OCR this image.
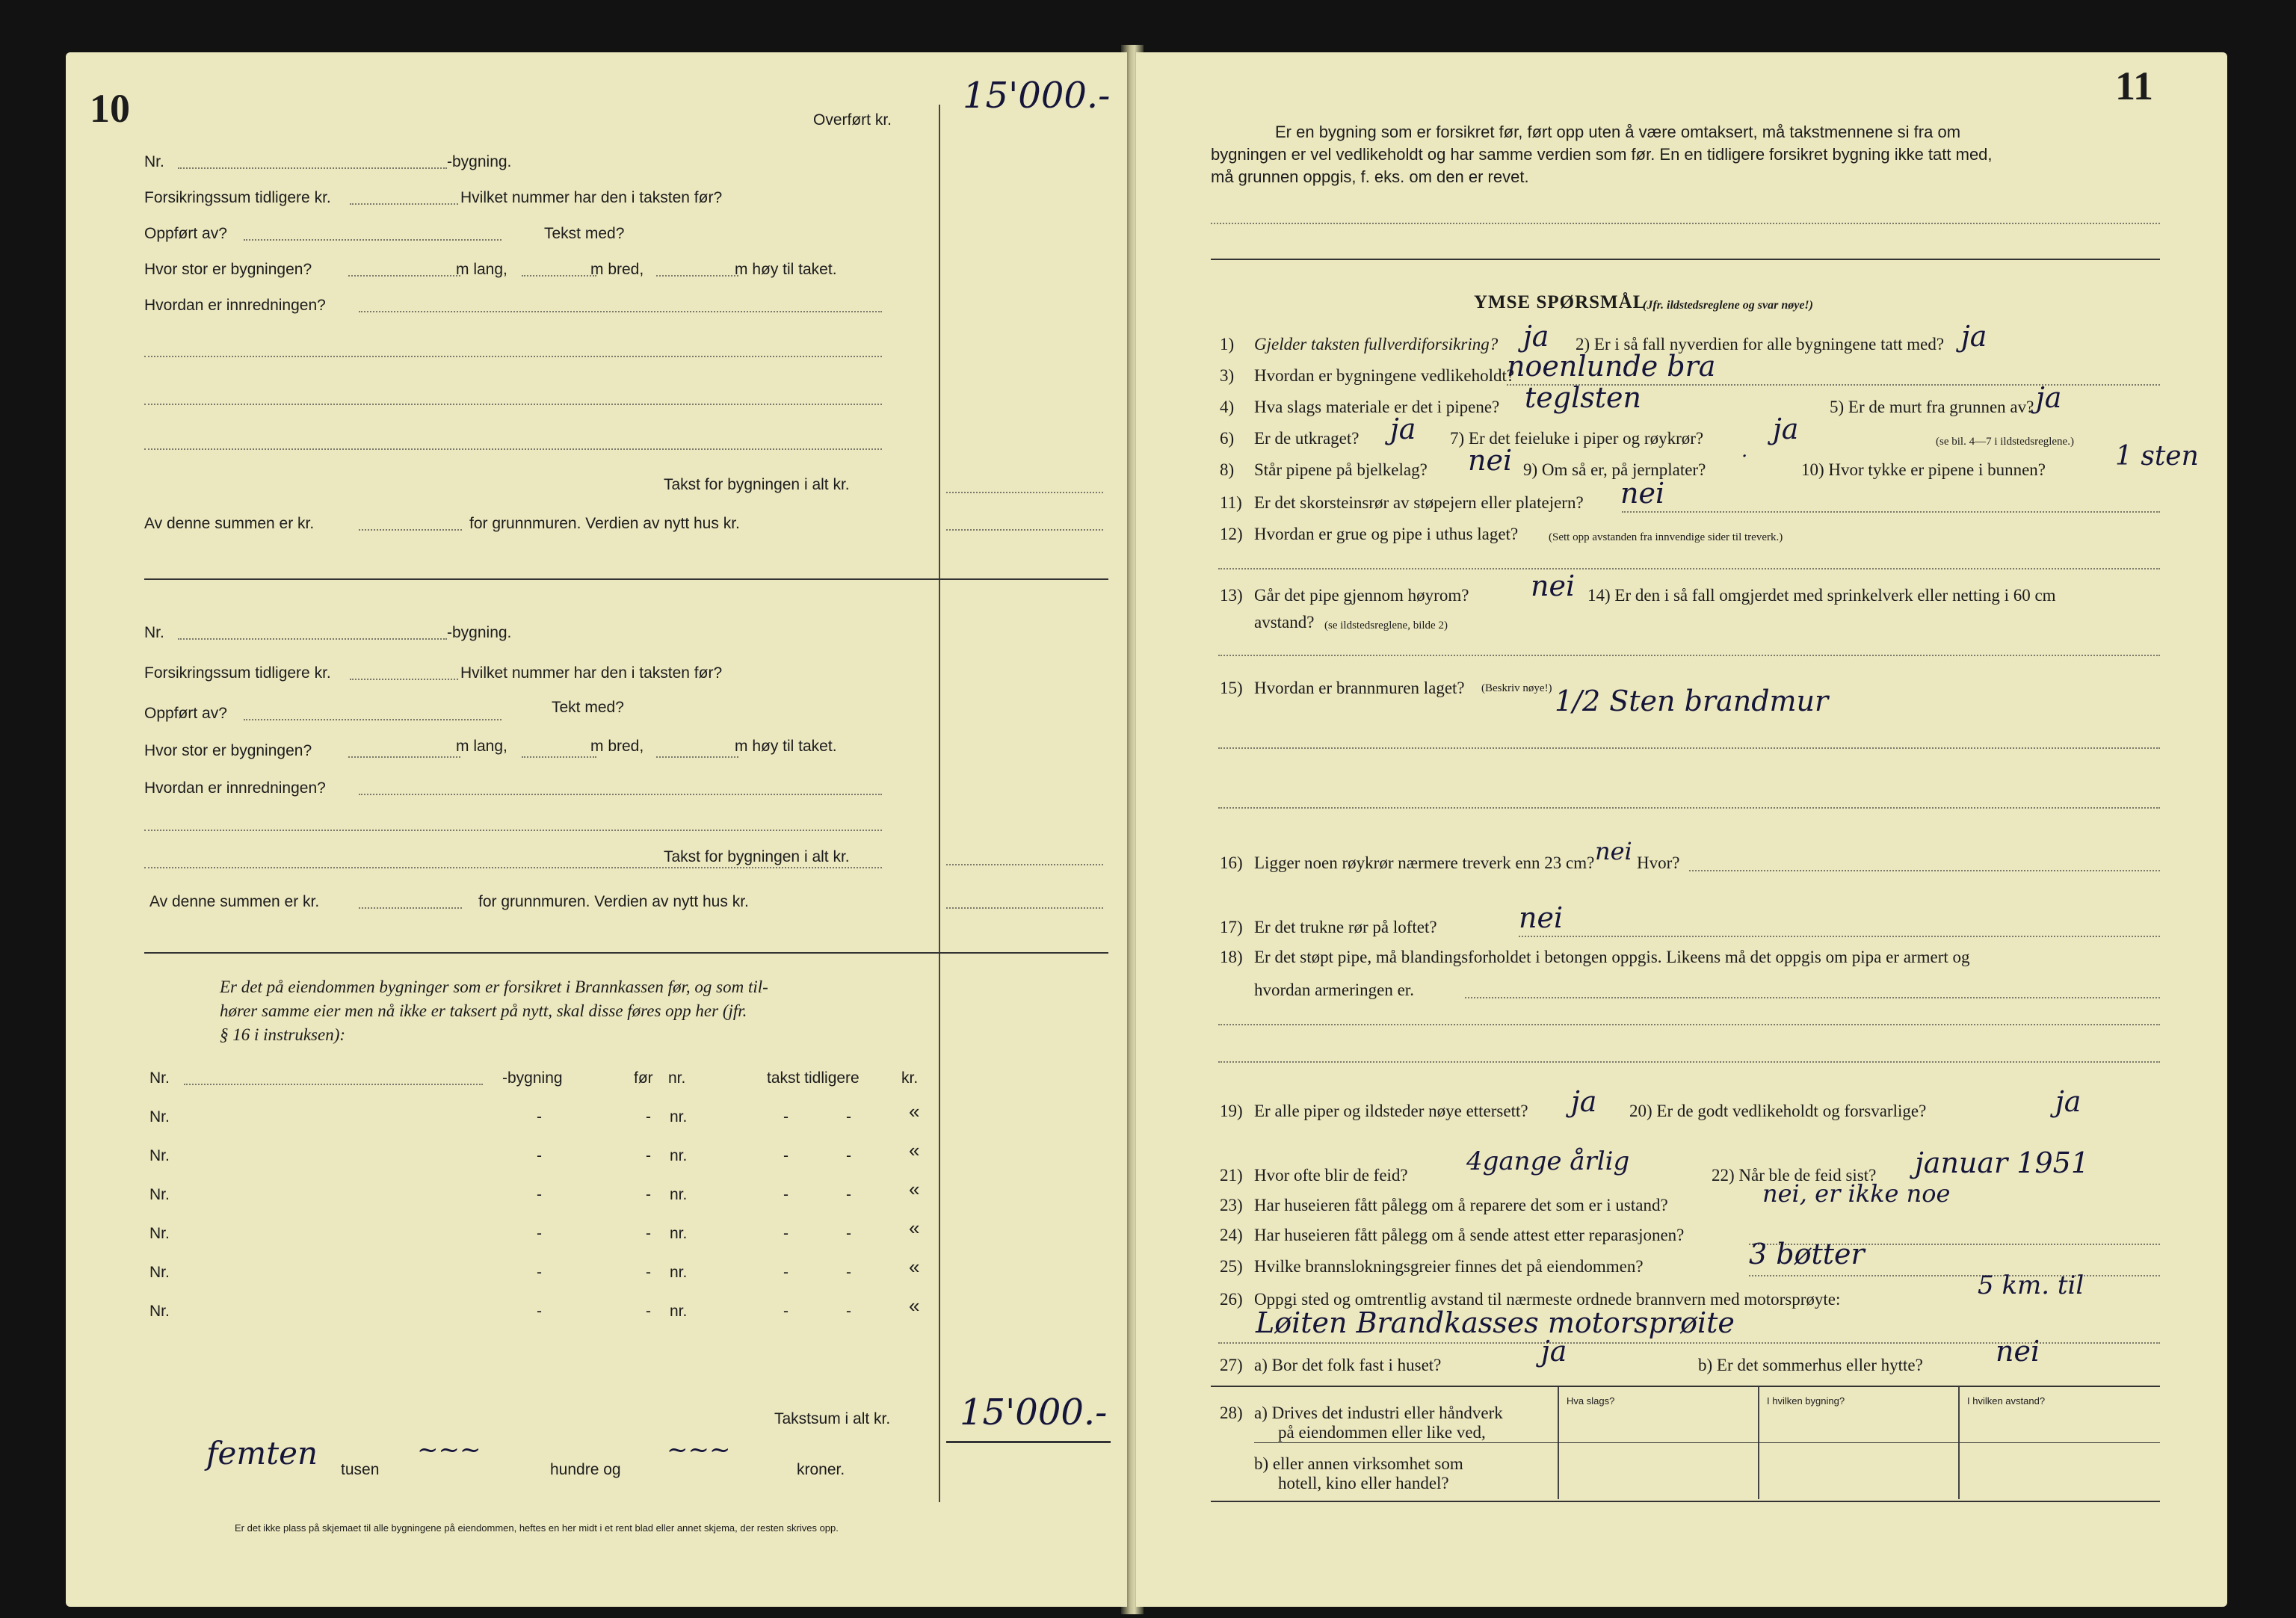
10	Overført kr.
15'000.-
Nr.	-bygning.
Forsikringssum tidligere kr.	Hvilket nummer har den i taksten før?
Oppført av?	Tekst med?
Hvor stor er bygningen?	m lang,	m bred,	m høy til taket.
Hvordan er innredningen?
Takst for bygningen i alt kr.
Av denne summen er kr.	for grunnmuren. Verdien av nytt hus kr.
Nr.	-bygning.
Forsikringssum tidligere kr.	Hvilket nummer har den i taksten før?
Oppført av?	Tekt med?
Hvor stor er bygningen?	m lang,	m bred,	m høy til taket.
Hvordan er innredningen?
Takst for bygningen i alt kr.
Av denne summen er kr.	for grunnmuren. Verdien av nytt hus kr.
Er det på eiendommen bygninger som er forsikret i Brannkassen før, og som til-
hører samme eier men nå ikke er taksert på nytt, skal disse føres opp her (jfr.
§ 16 i instruksen):
Nr.	-bygning	før nr.	takst tidligere	kr.
Nr.	-	- nr.	-	-	«
Nr.	-	- nr.	-	-	«
Nr.	-	- nr.	-	-	«
Nr.	-	- nr.	-	-	«
Nr.	-	- nr.	-	-	«
Nr.	-	- nr.	-	-	«
Takstsum i alt kr. 15'000.-
femten tusen
~~~
hundre og
~~~
kroner.
Er det ikke plass på skjemaet til alle bygningene på eiendommen, heftes en her midt i et rent blad eller annet skjema, der resten skrives opp.
11
Er en bygning som er forsikret før, ført opp uten å være omtaksert, må takstmennene si fra om
bygningen er vel vedlikeholdt og har samme verdien som før. En en tidligere forsikret bygning ikke tatt med,
må grunnen oppgis, f. eks. om den er revet.
YMSE SPØRSMÅL
(Jfr. ildstedsreglene og svar nøye!)
1) Gjelder taksten fullverdiforsikring? ja 2) Er i så fall nyverdien for alle bygningene tatt med? ja
3) Hvordan er bygningene vedlikeholdt?
noenlunde bra
4) Hva slags materiale er det i pipene? teglsten	5) Er de murt fra grunnen av? ja
6) Er de utkraget? ja 7) Er det feieluke i piper og røykrør? ja	(se bil. 4—7 i ildstedsreglene.)
8) Står pipene på bjelkelag? nei 9) Om så er, på jernplater?
·
10) Hvor tykke er pipene i bunnen?	1 sten
11) Er det skorsteinsrør av støpejern eller platejern? nei
12) Hvordan er grue og pipe i uthus laget?	(Sett opp avstanden fra innvendige sider til treverk.)
13) Går det pipe gjennom høyrom? nei 14) Er den i så fall omgjerdet med sprinkelverk eller netting i 60 cm
avstand? (se ildstedsreglene, bilde 2)
15) Hvordan er brannmuren laget? (Beskriv nøye!) 1/2 Sten brandmur
16) Ligger noen røykrør nærmere treverk enn 23 cm? nei Hvor?
17) Er det trukne rør på loftet?	nei
18) Er det støpt pipe, må blandingsforholdet i betongen oppgis. Likeens må det oppgis om pipa er armert og
hvordan armeringen er.
19) Er alle piper og ildsteder nøye ettersett? ja 20) Er de godt vedlikeholdt og forsvarlige?	ja
21) Hvor ofte blir de feid? 4gange årlig	22) Når ble de feid sist? januar 1951
23) Har huseieren fått pålegg om å reparere det som er i ustand?	nei, er ikke noe
24) Har huseieren fått pålegg om å sende attest etter reparasjonen?
25) Hvilke brannslokningsgreier finnes det på eiendommen?	3 bøtter
26) Oppgi sted og omtrentlig avstand til nærmeste ordnede brannvern med motorsprøyte:	5 km. til
Løiten Brandkasses motorsprøite
27) a) Bor det folk fast i huset?	ja	b) Er det sommerhus eller hytte?	nei
28) a) Drives det industri eller håndverk
på eiendommen eller like ved,
b) eller annen virksomhet som
hotell, kino eller handel?
Hva slags?	I hvilken bygning?	I hvilken avstand?
